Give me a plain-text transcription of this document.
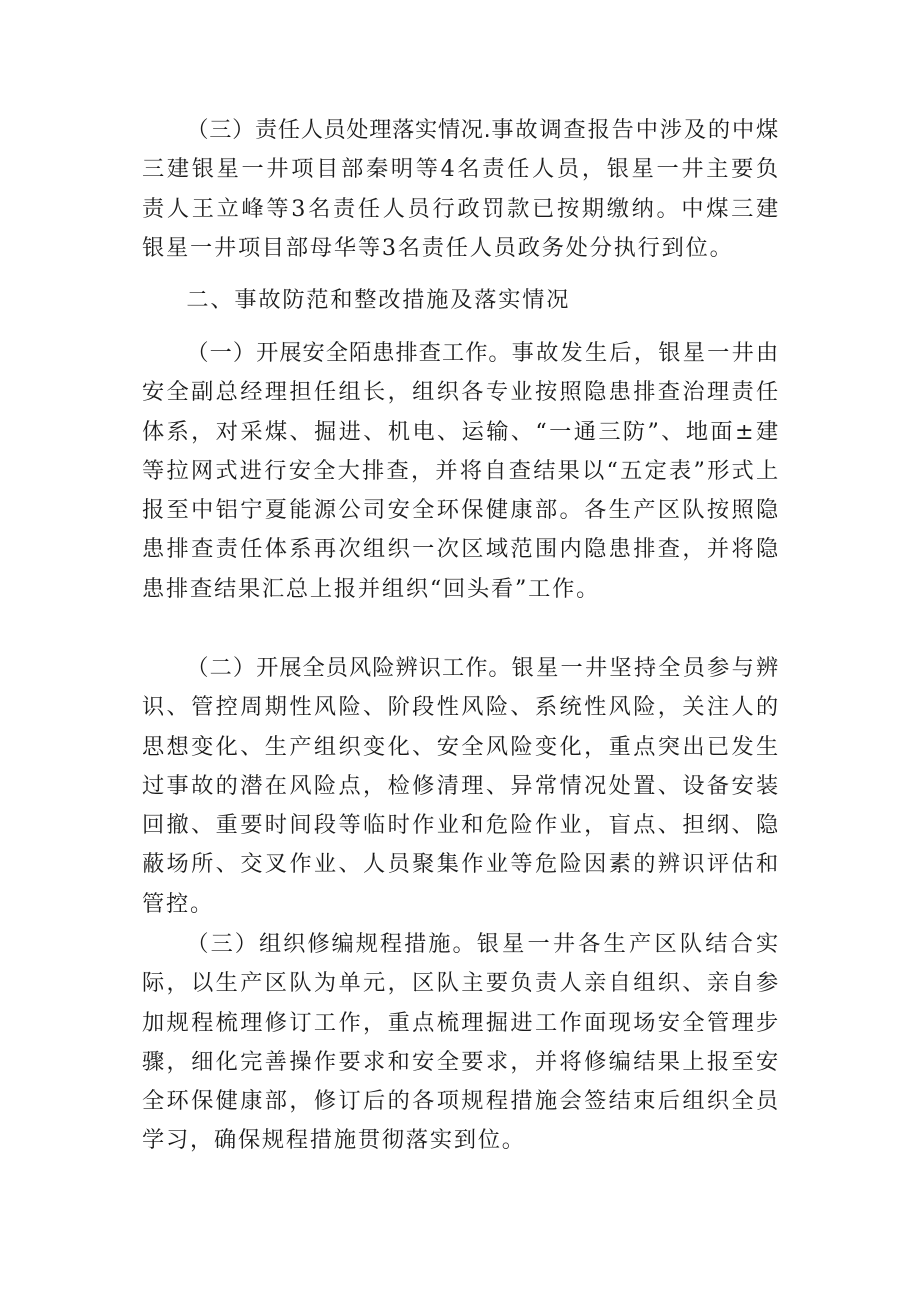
（三）责任人员处理落实情况.事故调查报告中涉及的中煤三建银星一井项目部秦明等4名责任人员，银星一井主要负责人王立峰等3名责任人员行政罚款已按期缴纳。中煤三建银星一井项目部母华等3名责任人员政务处分执行到位。

二、事故防范和整改措施及落实情况

（一）开展安全陌患排查工作。事故发生后，银星一井由安全副总经理担任组长，组织各专业按照隐患排查治理责任体系，对采煤、掘进、机电、运输、“一通三防”、地面±建等拉网式进行安全大排查，并将自查结果以“五定表”形式上报至中铝宁夏能源公司安全环保健康部。各生产区队按照隐患排查责任体系再次组织一次区域范围内隐患排查，并将隐患排查结果汇总上报并组织“回头看”工作。

（二）开展全员风险辨识工作。银星一井坚持全员参与辨识、管控周期性风险、阶段性风险、系统性风险，关注人的思想变化、生产组织变化、安全风险变化，重点突出已发生过事故的潜在风险点，检修清理、异常情况处置、设备安装回撤、重要时间段等临时作业和危险作业，盲点、担纲、隐蔽场所、交叉作业、人员聚集作业等危险因素的辨识评估和管控。

（三）组织修编规程措施。银星一井各生产区队结合实际，以生产区队为单元，区队主要负责人亲自组织、亲自参加规程梳理修订工作，重点梳理掘进工作面现场安全管理步骤，细化完善操作要求和安全要求，并将修编结果上报至安全环保健康部，修订后的各项规程措施会签结束后组织全员学习，确保规程措施贯彻落实到位。
